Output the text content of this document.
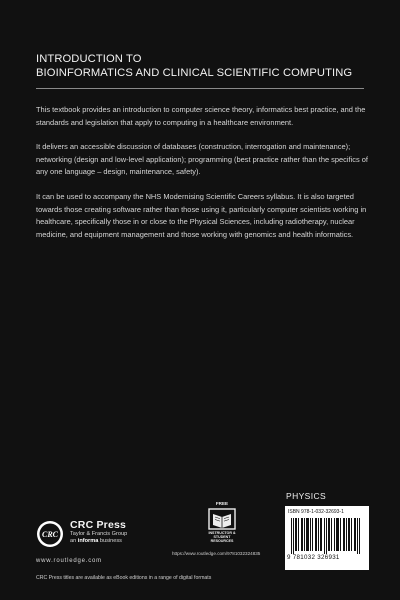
INTRODUCTION TO
BIOINFORMATICS AND CLINICAL SCIENTIFIC COMPUTING

This textbook provides an introduction to computer science theory, informatics best practice, and the standards and legislation that apply to computing in a healthcare environment.

It delivers an accessible discussion of databases (construction, interrogation and maintenance); networking (design and low-level application); programming (best practice rather than the specifics of any one language – design, maintenance, safety).

It can be used to accompany the NHS Modernising Scientific Careers syllabus. It is also targeted towards those creating software rather than those using it, particularly computer scientists working in healthcare, specifically those in or close to the Physical Sciences, including radiotherapy, nuclear medicine, and equipment management and those working with genomics and health informatics.

CRC
CRC Press
Taylor & Francis Group
an informa business
www.routledge.com
CRC Press titles are available as eBook editions in a range of digital formats
FREE
INSTRUCTOR & STUDENT RESOURCES
https://www.routledge.com/9781032324835
PHYSICS
ISBN 978-1-032-32693-1
9 781032 326931
